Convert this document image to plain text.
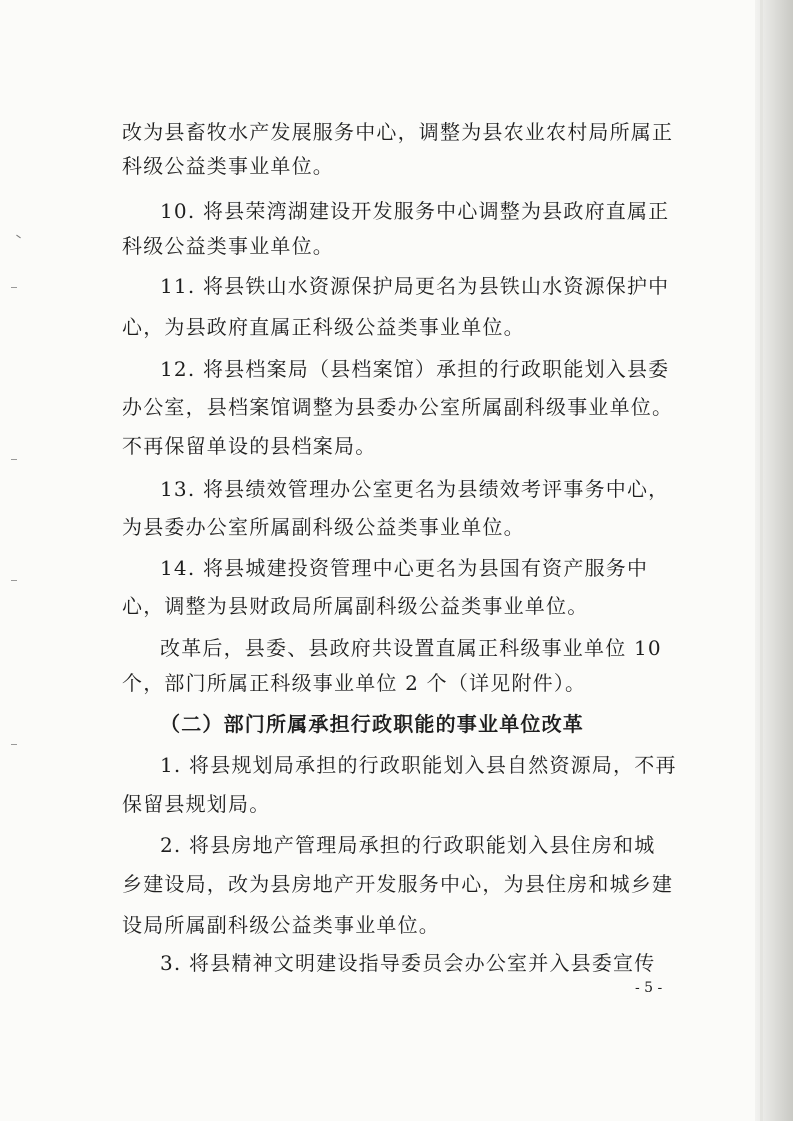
改为县畜牧水产发展服务中心，调整为县农业农村局所属正
科级公益类事业单位。
10. 将县荣湾湖建设开发服务中心调整为县政府直属正
科级公益类事业单位。
11. 将县铁山水资源保护局更名为县铁山水资源保护中
心，为县政府直属正科级公益类事业单位。
12. 将县档案局（县档案馆）承担的行政职能划入县委
办公室，县档案馆调整为县委办公室所属副科级事业单位。
不再保留单设的县档案局。
13. 将县绩效管理办公室更名为县绩效考评事务中心，
为县委办公室所属副科级公益类事业单位。
14. 将县城建投资管理中心更名为县国有资产服务中
心，调整为县财政局所属副科级公益类事业单位。
改革后，县委、县政府共设置直属正科级事业单位 10
个，部门所属正科级事业单位 2 个（详见附件）。
（二）部门所属承担行政职能的事业单位改革
1. 将县规划局承担的行政职能划入县自然资源局，不再
保留县规划局。
2. 将县房地产管理局承担的行政职能划入县住房和城
乡建设局，改为县房地产开发服务中心，为县住房和城乡建
设局所属副科级公益类事业单位。
3. 将县精神文明建设指导委员会办公室并入县委宣传
- 5 -
